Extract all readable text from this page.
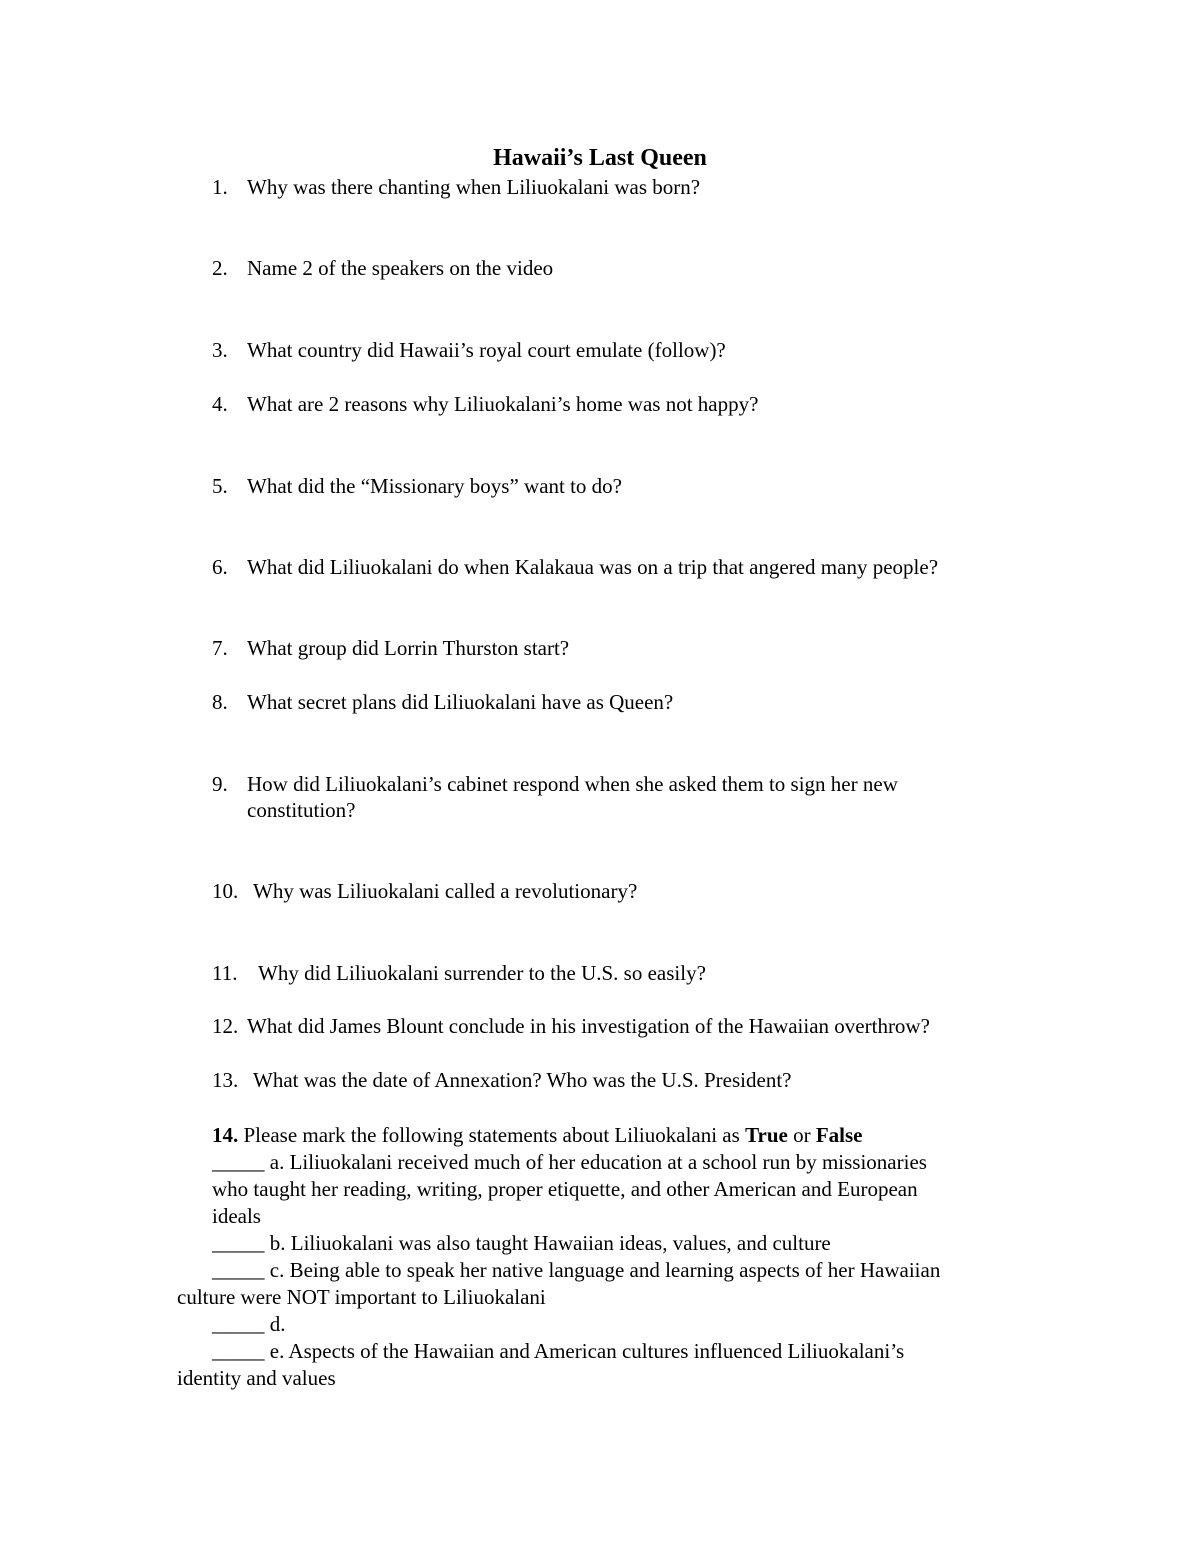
Hawaii’s Last Queen
1. Why was there chanting when Liliuokalani was born?
2. Name 2 of the speakers on the video
3. What country did Hawaii’s royal court emulate (follow)?
4. What are 2 reasons why Liliuokalani’s home was not happy?
5. What did the “Missionary boys” want to do?
6. What did Liliuokalani do when Kalakaua was on a trip that angered many people?
7. What group did Lorrin Thurston start?
8. What secret plans did Liliuokalani have as Queen?
9. How did Liliuokalani’s cabinet respond when she asked them to sign her new
constitution?
10. Why was Liliuokalani called a revolutionary?
11. Why did Liliuokalani surrender to the U.S. so easily?
12. What did James Blount conclude in his investigation of the Hawaiian overthrow?
13. What was the date of Annexation? Who was the U.S. President?
14. Please mark the following statements about Liliuokalani as True or False
_____ a. Liliuokalani received much of her education at a school run by missionaries
who taught her reading, writing, proper etiquette, and other American and European
ideals
_____ b. Liliuokalani was also taught Hawaiian ideas, values, and culture
_____ c. Being able to speak her native language and learning aspects of her Hawaiian
culture were NOT important to Liliuokalani
_____ d.
_____ e. Aspects of the Hawaiian and American cultures influenced Liliuokalani’s
identity and values
